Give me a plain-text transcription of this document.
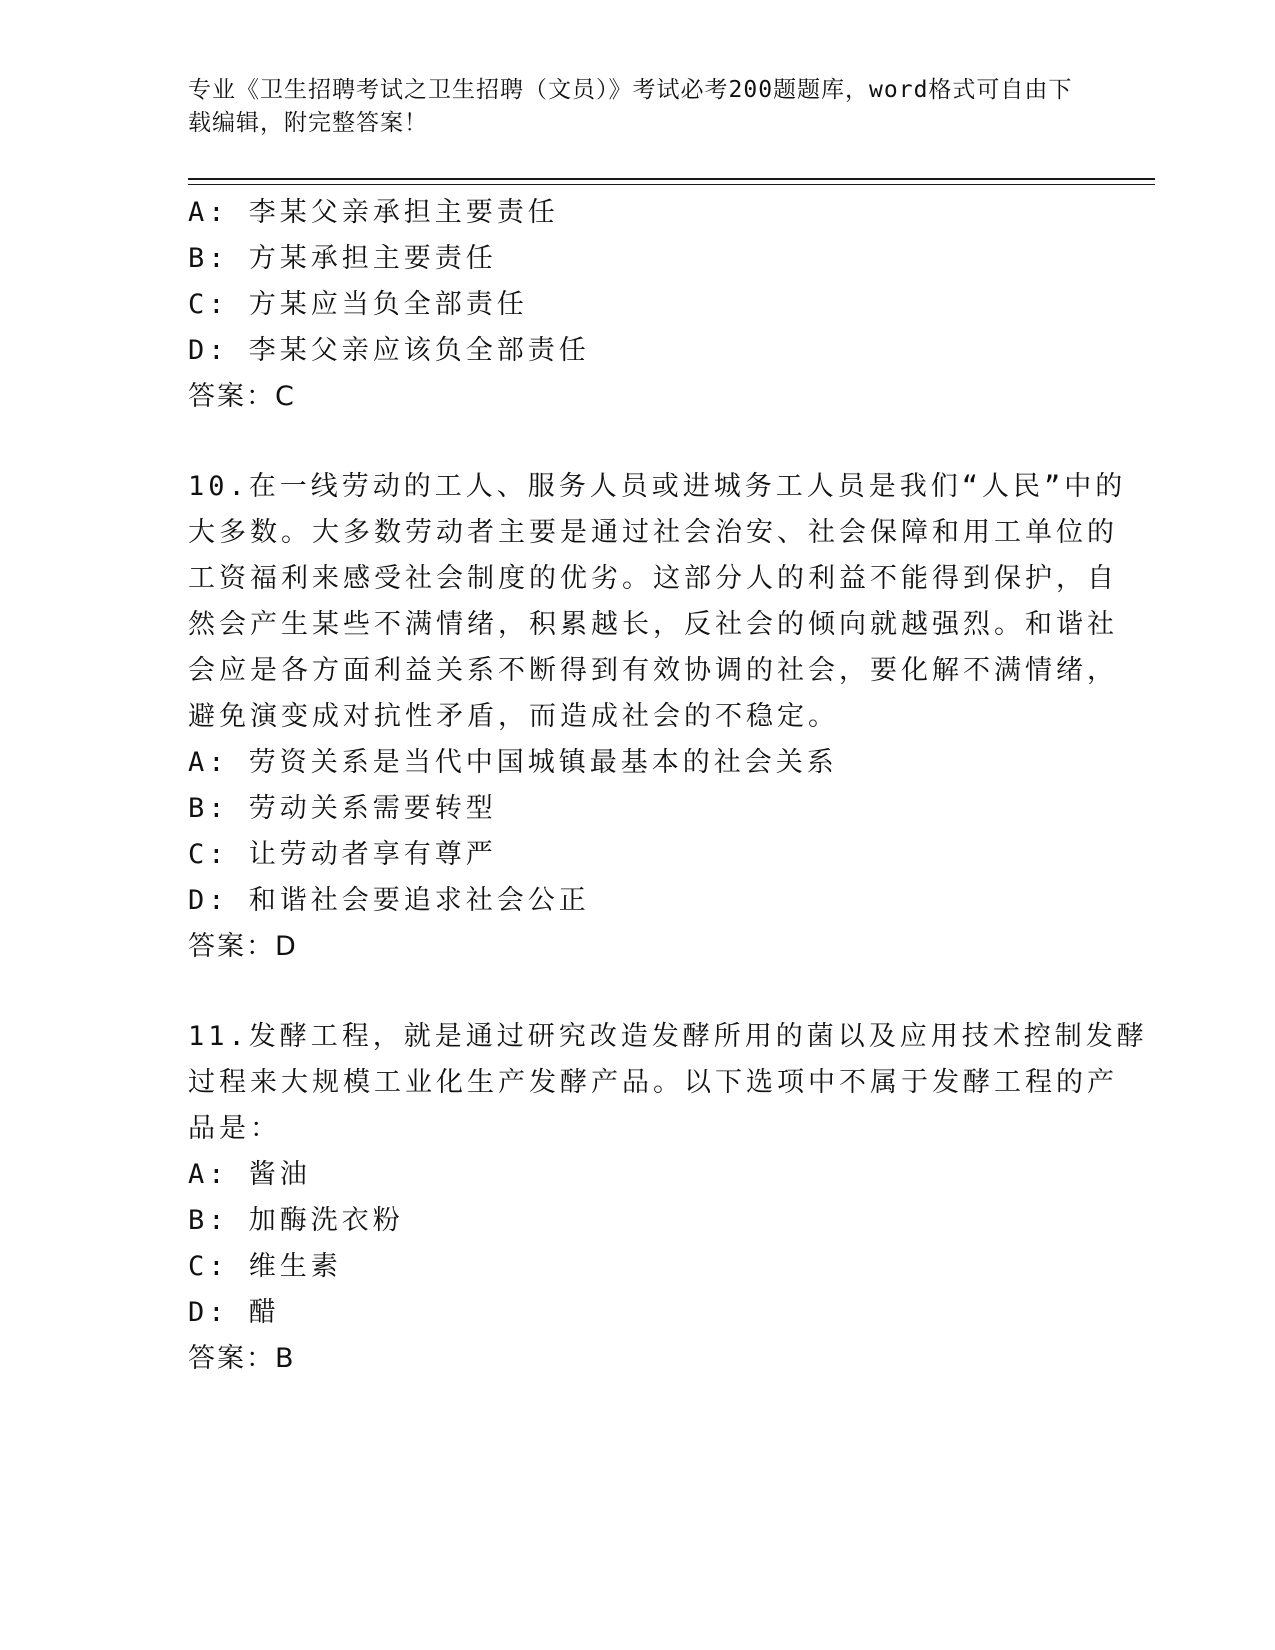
专业《卫生招聘考试之卫生招聘（文员）》考试必考200题题库，word格式可自由下载编辑，附完整答案！
A: 李某父亲承担主要责任
B: 方某承担主要责任
C: 方某应当负全部责任
D: 李某父亲应该负全部责任
答案：C
10.在一线劳动的工人、服务人员或进城务工人员是我们“人民”中的
大多数。大多数劳动者主要是通过社会治安、社会保障和用工单位的
工资福利来感受社会制度的优劣。这部分人的利益不能得到保护，自
然会产生某些不满情绪，积累越长，反社会的倾向就越强烈。和谐社
会应是各方面利益关系不断得到有效协调的社会，要化解不满情绪，
避免演变成对抗性矛盾，而造成社会的不稳定。
A: 劳资关系是当代中国城镇最基本的社会关系
B: 劳动关系需要转型
C: 让劳动者享有尊严
D: 和谐社会要追求社会公正
答案：D
11.发酵工程，就是通过研究改造发酵所用的菌以及应用技术控制发酵
过程来大规模工业化生产发酵产品。以下选项中不属于发酵工程的产
品是：
A: 酱油
B: 加酶洗衣粉
C: 维生素
D: 醋
答案：B
